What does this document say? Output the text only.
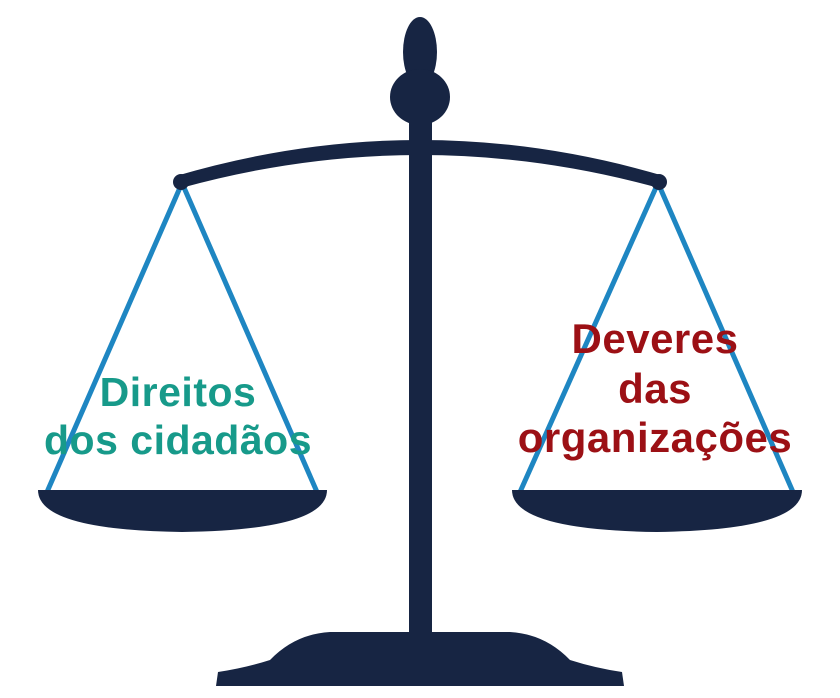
Direitos
dos cidadãos
Deveres
das
organizações
